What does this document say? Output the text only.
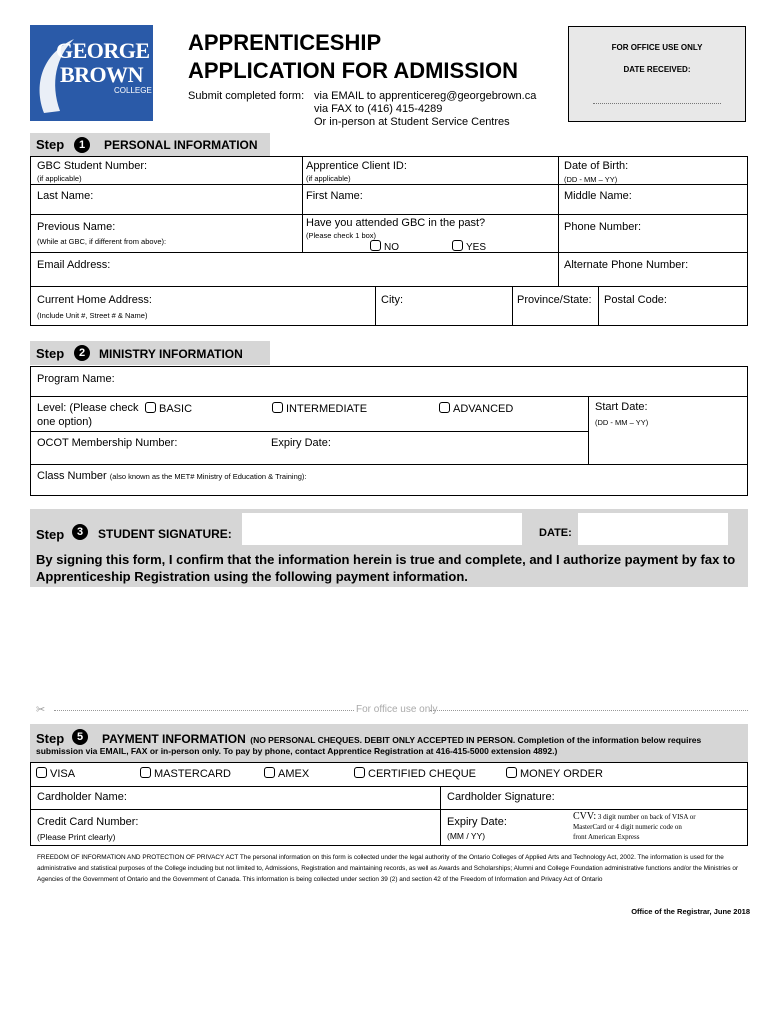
GEORGE
BROWN
COLLEGE
APPRENTICESHIP
APPLICATION FOR ADMISSION
Submit completed form: via EMAIL to apprenticereg@georgebrown.ca
via FAX to (416) 415-4289
Or in-person at Student Service Centres
FOR OFFICE USE ONLY
DATE RECEIVED:
Step	1	PERSONAL INFORMATION
GBC Student Number:
(if applicable)
Apprentice Client ID:
(if applicable)
Date of Birth:
(DD - MM – YY)
Last Name:	First Name:	Middle Name:
Previous Name:
(While at GBC, if different from above):
Have you attended GBC in the past?
(Please check 1 box)
NO	YES
Phone Number:
Email Address:	Alternate Phone Number:
Current Home Address:
(Include Unit #, Street # & Name)
City:	Province/State: Postal Code:
Step	2	MINISTRY INFORMATION
Program Name:
Level: (Please check
one option)
BASIC	INTERMEDIATE	ADVANCED	Start Date:
(DD - MM – YY)
OCOT Membership Number:	Expiry Date:
Class Number (also known as the MET# Ministry of Education & Training):
Step	3	STUDENT SIGNATURE:	DATE:
By signing this form, I confirm that the information herein is true and complete, and I authorize payment by fax to Apprenticeship Registration using the following payment information.
✂	For office use only
Step	5	PAYMENT INFORMATION (NO PERSONAL CHEQUES. DEBIT ONLY ACCEPTED IN PERSON. Completion of the information below requires
submission via EMAIL, FAX or in-person only. To pay by phone, contact Apprentice Registration at 416-415-5000 extension 4892.)
VISA	MASTERCARD	AMEX	CERTIFIED CHEQUE	MONEY ORDER
Cardholder Name:	Cardholder Signature:
Credit Card Number:
(Please Print clearly)
Expiry Date:
(MM / YY)
CVV: 3 digit number on back of VISA or
MasterCard or 4 digit numeric code on
front American Express
FREEDOM OF INFORMATION AND PROTECTION OF PRIVACY ACT The personal information on this form is collected under the legal authority of the Ontario Colleges of Applied Arts and Technology Act, 2002. The information is used for the administrative and statistical purposes of the College including but not limited to, Admissions, Registration and maintaining records, as well as Awards and Scholarships; Alumni and College Foundation administrative functions and/or the Ministries or Agencies of the Government of Ontario and the Government of Canada. This information is being collected under section 39 (2) and section 42 of the Freedom of Information and Privacy Act of Ontario
Office of the Registrar, June 2018
